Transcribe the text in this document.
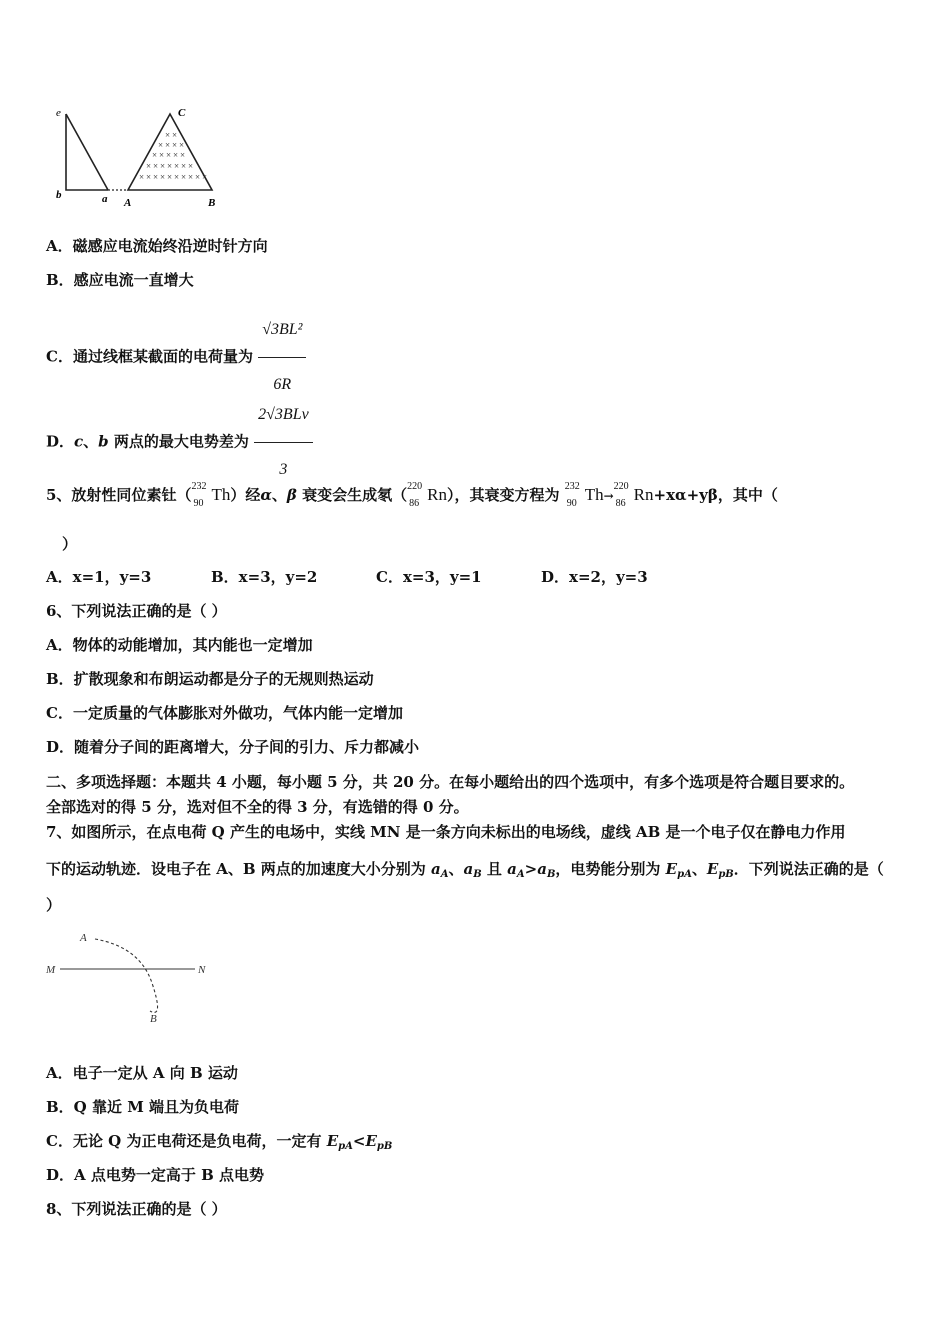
× ×
× × × ×
× × × × ×
× × × × × × ×
× × × × × × × × × ×
e
b	a A	B
C
A．磁感应电流始终沿逆时针方向
B．感应电流一直增大
C．通过线框某截面的电荷量为 $\frac{\text{√3BL²}}{6R}$
D．c、b 两点的最大电势差为 $\frac{\text{2√3BLv}}{3}$
5、放射性同位素钍（ 232
90 Th）经α、β 衰变会生成氡（ 220
86 Rn），其衰变方程为 232
90 Th→
220
86 Rn+xα+yβ，其中（
）
A．x=1，y=3	B．x=3，y=2	C．x=3，y=1	D．x=2，y=3
6、下列说法正确的是（ ）
A．物体的动能增加，其内能也一定增加
B．扩散现象和布朗运动都是分子的无规则热运动
C．一定质量的气体膨胀对外做功，气体内能一定增加
D．随着分子间的距离增大，分子间的引力、斥力都减小
二、多项选择题：本题共 4 小题，每小题 5 分，共 20 分。在每小题给出的四个选项中，有多个选项是符合题目要求的。
全部选对的得 5 分，选对但不全的得 3 分，有选错的得 0 分。
7、如图所示，在点电荷 Q 产生的电场中，实线 MN 是一条方向未标出的电场线，虚线 AB 是一个电子仅在静电力作用
下的运动轨迹．设电子在 A、B 两点的加速度大小分别为 $a_A$、$a_B$ 且 $a_A>a_B$，电势能分别为 $E_{pA}$、$E_{pB}$．下列说法正确的是（
）
A
B
M	N
A．电子一定从 A 向 B 运动
B．Q 靠近 M 端且为负电荷
C．无论 Q 为正电荷还是负电荷，一定有 $E_{pA}<E_{pB}$
D．A 点电势一定高于 B 点电势
8、下列说法正确的是（ ）
